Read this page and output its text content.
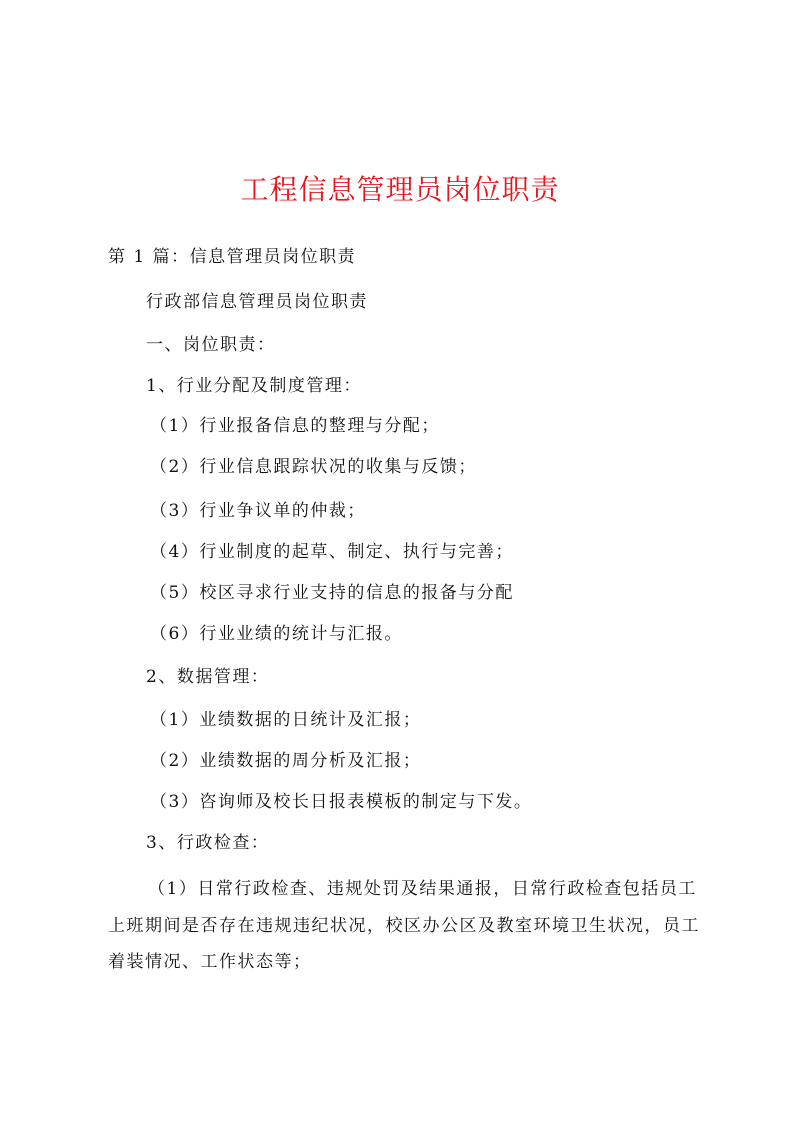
工程信息管理员岗位职责
第 1 篇：信息管理员岗位职责
行政部信息管理员岗位职责
一、岗位职责：
1、行业分配及制度管理：
（1）行业报备信息的整理与分配；
（2）行业信息跟踪状况的收集与反馈；
（3）行业争议单的仲裁；
（4）行业制度的起草、制定、执行与完善；
（5）校区寻求行业支持的信息的报备与分配
（6）行业业绩的统计与汇报。
2、数据管理：
（1）业绩数据的日统计及汇报；
（2）业绩数据的周分析及汇报；
（3）咨询师及校长日报表模板的制定与下发。
3、行政检查：
（1）日常行政检查、违规处罚及结果通报，日常行政检查包括员工上班期间是否存在违规违纪状况，校区办公区及教室环境卫生状况，员工着装情况、工作状态等；
